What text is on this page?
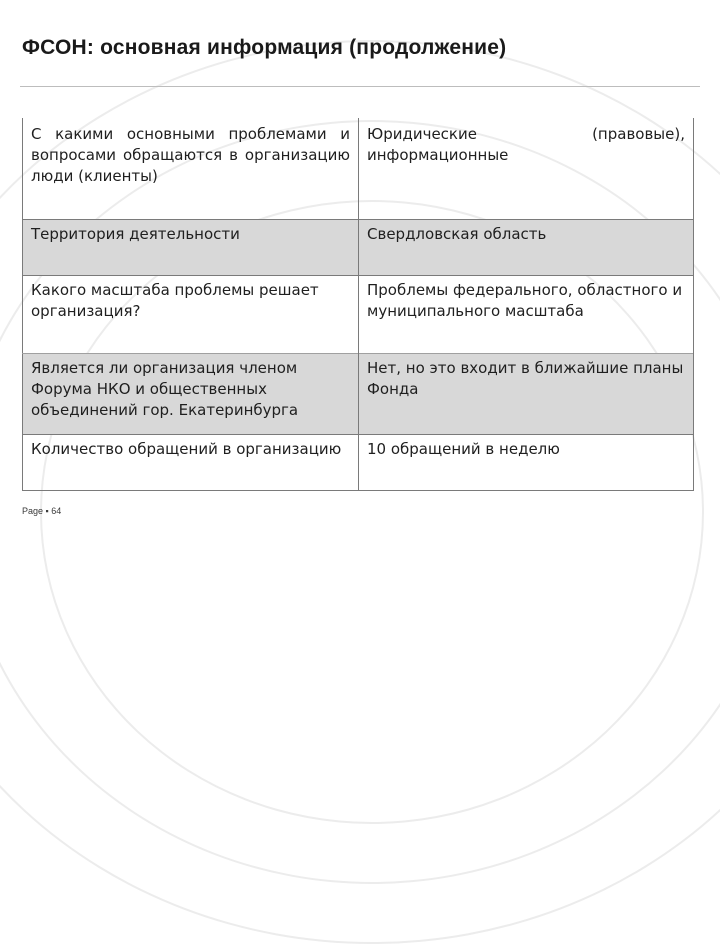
ФСОН: основная информация (продолжение)
С какими основными проблемами и вопросами обращаются в организацию люди (клиенты)	Юридические (правовые), информационные
Территория деятельности	Свердловская область
Какого масштаба проблемы решает организация?	Проблемы федерального, областного и муниципального масштаба
Является ли организация членом Форума НКО и общественных объединений гор. Екатеринбурга	Нет, но это входит в ближайшие планы Фонда
Количество обращений в организацию	10 обращений в неделю
Page ▪ 64
